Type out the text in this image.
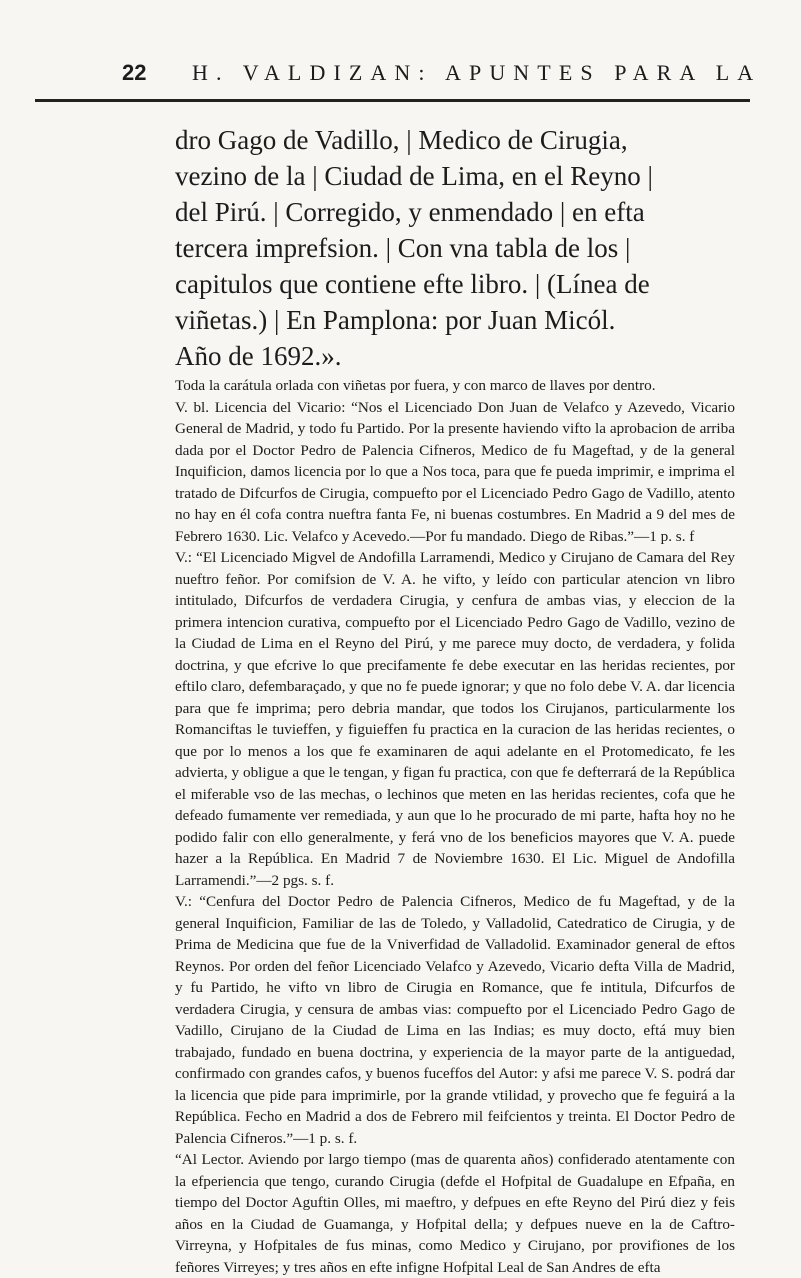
22 H. VALDIZAN: APUNTES PARA LA
dro Gago de Vadillo, | Medico de Cirugia,
vezino de la | Ciudad de Lima, en el Reyno |
del Pirú. | Corregido, y enmendado | en efta
tercera imprefsion. | Con vna tabla de los |
capitulos que contiene efte libro. | (Línea de
viñetas.) | En Pamplona: por Juan Micól.
Año de 1692.».

Toda la carátula orlada con viñetas por fuera, y con marco de llaves por dentro.

V. bl. Licencia del Vicario: “Nos el Licenciado Don Juan de Velafco y Azevedo, Vicario General de Madrid, y todo fu Partido. Por la presente haviendo vifto la aprobacion de arriba dada por el Doctor Pedro de Palencia Cifneros, Medico de fu Mageftad, y de la general Inquificion, damos licencia por lo que a Nos toca, para que fe pueda imprimir, e imprima el tratado de Difcurfos de Cirugia, compuefto por el Licenciado Pedro Gago de Vadillo, atento no hay en él cofa contra nueftra fanta Fe, ni buenas costumbres. En Madrid a 9 del mes de Febrero 1630. Lic. Velafco y Acevedo.—Por fu mandado. Diego de Ribas.”—1 p. s. f

V.: “El Licenciado Migvel de Andofilla Larramendi, Medico y Cirujano de Camara del Rey nueftro feñor. Por comifsion de V. A. he vifto, y leído con particular atencion vn libro intitulado, Difcurfos de verdadera Cirugia, y cenfura de ambas vias, y eleccion de la primera intencion curativa, compuefto por el Licenciado Pedro Gago de Vadillo, vezino de la Ciudad de Lima en el Reyno del Pirú, y me parece muy docto, de verdadera, y folida doctrina, y que efcrive lo que precifamente fe debe executar en las heridas recientes, por eftilo claro, defembaraçado, y que no fe puede ignorar; y que no folo debe V. A. dar licencia para que fe imprima; pero debria mandar, que todos los Cirujanos, particularmente los Romanciftas le tuvieffen, y figuieffen fu practica en la curacion de las heridas recientes, o que por lo menos a los que fe examinaren de aqui adelante en el Protomedicato, fe les advierta, y obligue a que le tengan, y figan fu practica, con que fe defterrará de la República el miferable vso de las mechas, o lechinos que meten en las heridas recientes, cofa que he defeado fumamente ver remediada, y aun que lo he procurado de mi parte, hafta hoy no he podido falir con ello generalmente, y ferá vno de los beneficios mayores que V. A. puede hazer a la República. En Madrid 7 de Noviembre 1630. El Lic. Miguel de Andofilla Larramendi.”—2 pgs. s. f.

V.: “Cenfura del Doctor Pedro de Palencia Cifneros, Medico de fu Mageftad, y de la general Inquificion, Familiar de las de Toledo, y Valladolid, Catedratico de Cirugia, y de Prima de Medicina que fue de la Vniverfidad de Valladolid. Examinador general de eftos Reynos. Por orden del feñor Licenciado Velafco y Azevedo, Vicario defta Villa de Madrid, y fu Partido, he vifto vn libro de Cirugia en Romance, que fe intitula, Difcurfos de verdadera Cirugia, y censura de ambas vias: compuefto por el Licenciado Pedro Gago de Vadillo, Cirujano de la Ciudad de Lima en las Indias; es muy docto, eftá muy bien trabajado, fundado en buena doctrina, y experiencia de la mayor parte de la antiguedad, confirmado con grandes cafos, y buenos fuceffos del Autor: y afsi me parece V. S. podrá dar la licencia que pide para imprimirle, por la grande vtilidad, y provecho que fe feguirá a la República. Fecho en Madrid a dos de Febrero mil feifcientos y treinta. El Doctor Pedro de Palencia Cifneros.”—1 p. s. f.

“Al Lector. Aviendo por largo tiempo (mas de quarenta años) confiderado atentamente con la efperiencia que tengo, curando Cirugia (defde el Hofpital de Guadalupe en Efpaña, en tiempo del Doctor Aguftin Olles, mi maeftro, y defpues en efte Reyno del Pirú diez y feis años en la Ciudad de Guamanga, y Hofpital della; y defpues nueve en la de Caftro-Virreyna, y Hofpitales de fus minas, como Medico y Cirujano, por provifiones de los feñores Virreyes; y tres años en efte infigne Hofpital Leal de San Andres de efta
